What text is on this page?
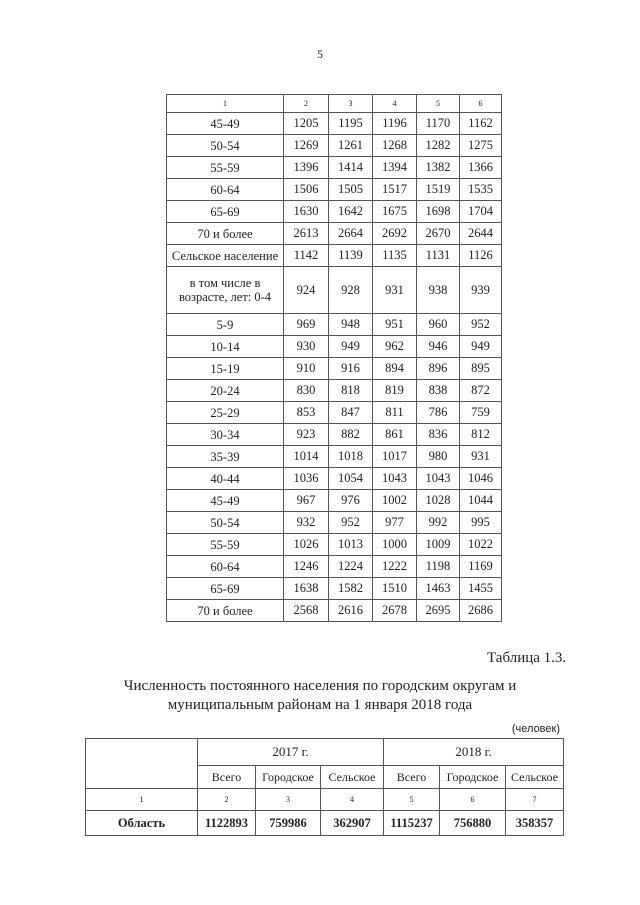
5
1	2	3	4	5	6
45-49	1205	1195	1196	1170	1162
50-54	1269	1261	1268	1282	1275
55-59	1396	1414	1394	1382	1366
60-64	1506	1505	1517	1519	1535
65-69	1630	1642	1675	1698	1704
70 и более	2613	2664	2692	2670	2644
Сельское население	1142	1139	1135	1131	1126
в том числе в возрасте, лет: 0-4	924	928	931	938	939
5-9	969	948	951	960	952
10-14	930	949	962	946	949
15-19	910	916	894	896	895
20-24	830	818	819	838	872
25-29	853	847	811	786	759
30-34	923	882	861	836	812
35-39	1014	1018	1017	980	931
40-44	1036	1054	1043	1043	1046
45-49	967	976	1002	1028	1044
50-54	932	952	977	992	995
55-59	1026	1013	1000	1009	1022
60-64	1246	1224	1222	1198	1169
65-69	1638	1582	1510	1463	1455
70 и более	2568	2616	2678	2695	2686
Таблица 1.3.
Численность постоянного населения по городским округам и
муниципальным районам на 1 января 2018 года
(человек)
	2017 г.			2018 г.		
	Всего	Городское	Сельское	Всего	Городское	Сельское
1	2	3	4	5	6	7
Область	1122893	759986	362907	1115237	756880	358357
